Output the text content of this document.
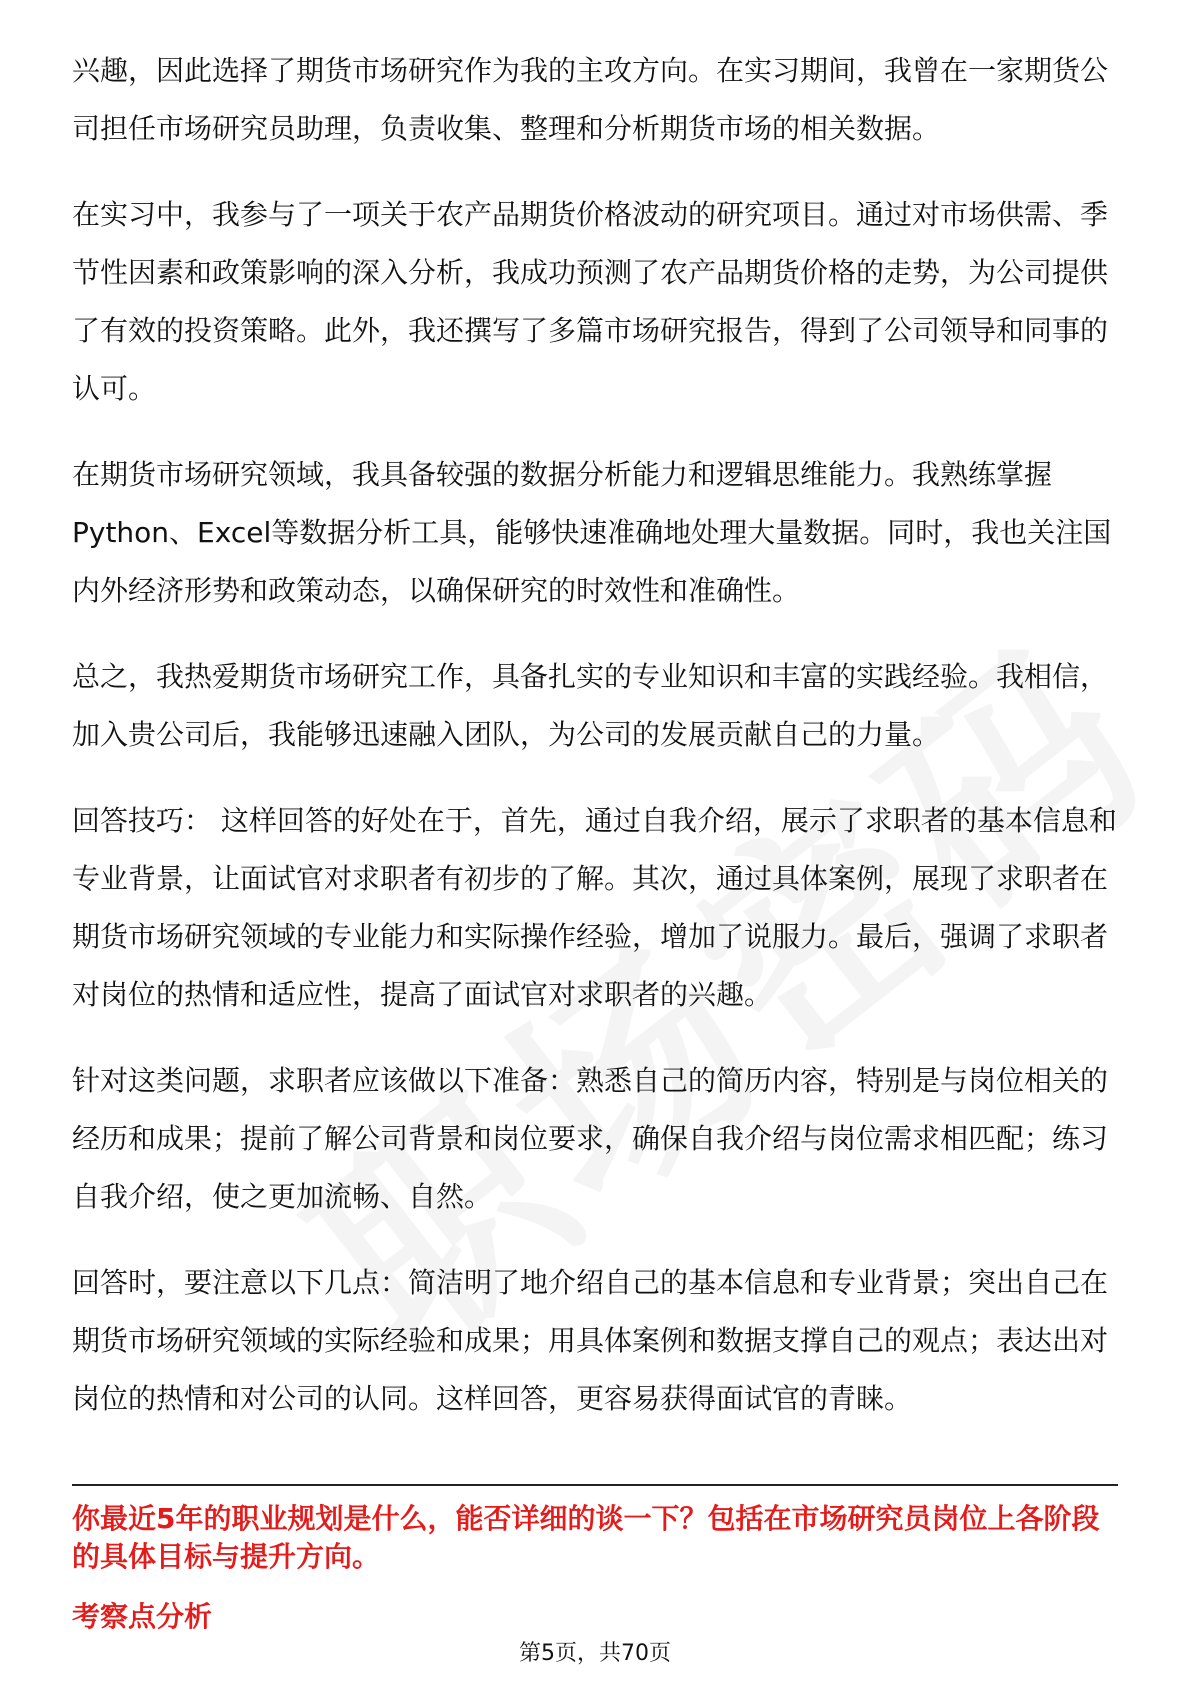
兴趣，因此选择了期货市场研究作为我的主攻方向。在实习期间，我曾在一家期货公司担任市场研究员助理，负责收集、整理和分析期货市场的相关数据。

在实习中，我参与了一项关于农产品期货价格波动的研究项目。通过对市场供需、季节性因素和政策影响的深入分析，我成功预测了农产品期货价格的走势，为公司提供了有效的投资策略。此外，我还撰写了多篇市场研究报告，得到了公司领导和同事的认可。

在期货市场研究领域，我具备较强的数据分析能力和逻辑思维能力。我熟练掌握Python、Excel等数据分析工具，能够快速准确地处理大量数据。同时，我也关注国内外经济形势和政策动态，以确保研究的时效性和准确性。

总之，我热爱期货市场研究工作，具备扎实的专业知识和丰富的实践经验。我相信，加入贵公司后，我能够迅速融入团队，为公司的发展贡献自己的力量。

回答技巧： 这样回答的好处在于，首先，通过自我介绍，展示了求职者的基本信息和专业背景，让面试官对求职者有初步的了解。其次，通过具体案例，展现了求职者在期货市场研究领域的专业能力和实际操作经验，增加了说服力。最后，强调了求职者对岗位的热情和适应性，提高了面试官对求职者的兴趣。

针对这类问题，求职者应该做以下准备：熟悉自己的简历内容，特别是与岗位相关的经历和成果；提前了解公司背景和岗位要求，确保自我介绍与岗位需求相匹配；练习自我介绍，使之更加流畅、自然。

回答时，要注意以下几点：简洁明了地介绍自己的基本信息和专业背景；突出自己在期货市场研究领域的实际经验和成果；用具体案例和数据支撑自己的观点；表达出对岗位的热情和对公司的认同。这样回答，更容易获得面试官的青睐。

你最近5年的职业规划是什么，能否详细的谈一下？包括在市场研究员岗位上各阶段的具体目标与提升方向。
考察点分析
第5页，共70页
